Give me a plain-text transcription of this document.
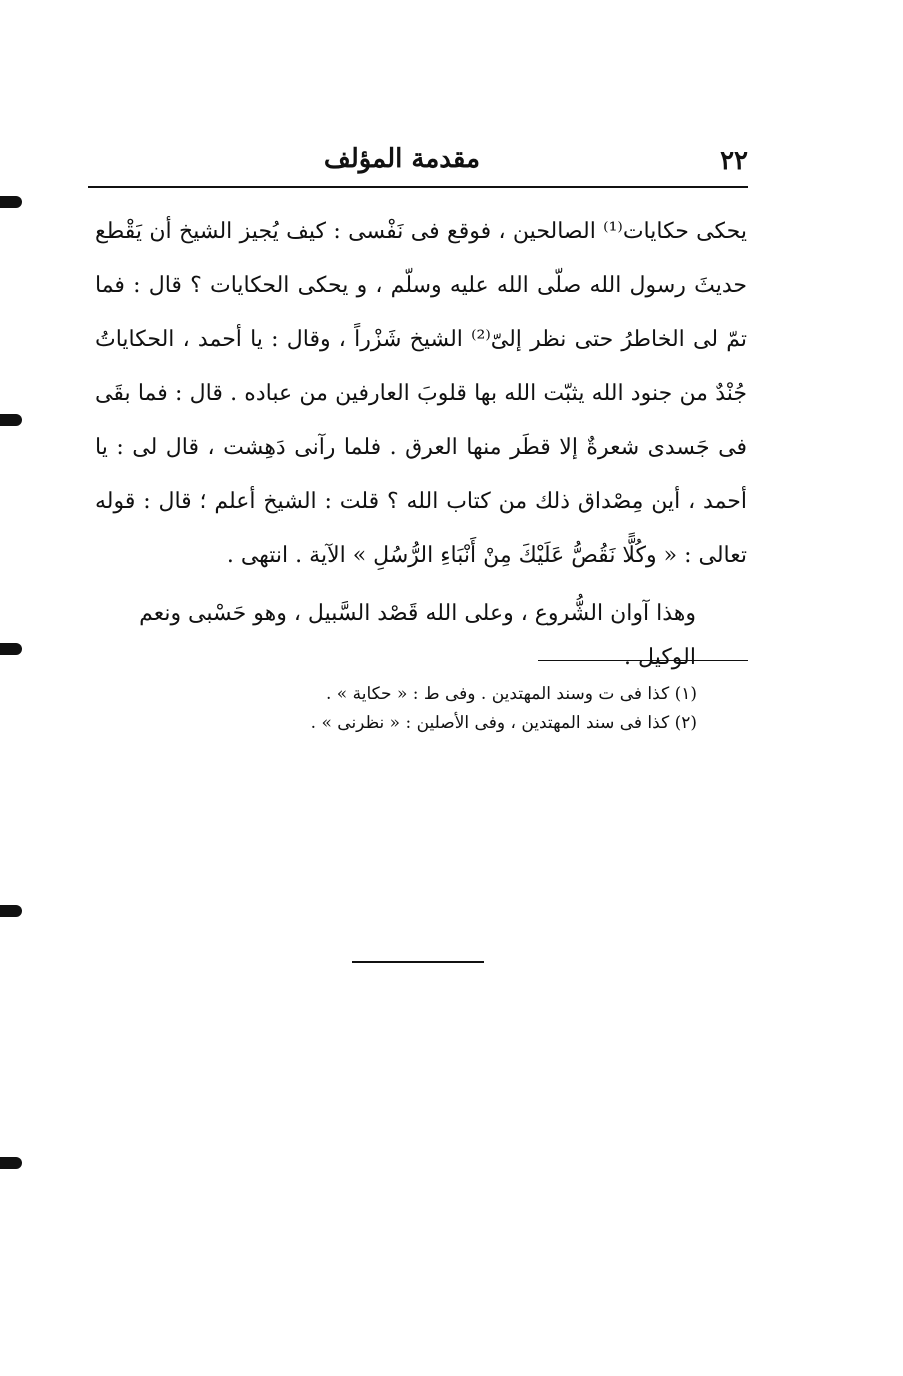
٢٢
مقدمة المؤلف

يحكى حكايات⁽¹⁾ الصالحين ، فوقع فى نَفْسى : كيف يُجيز الشيخ أن يَقْطع حديثَ رسول الله صلّى الله عليه وسلّم ، و يحكى الحكايات ؟ قال : فما تمّ لى الخاطرُ حتى نظر إلىّ⁽²⁾ الشيخ شَزْراً ، وقال : يا أحمد ، الحكاياتُ جُنْدٌ من جنود الله يثبّت الله بها قلوبَ العارفين من عباده . قال : فما بقَى فى جَسدى شعرةٌ إلا قطَر منها العرق . فلما رآنى دَهِشت ، قال لى : يا أحمد ، أين مِصْداق ذلك من كتاب الله ؟ قلت : الشيخ أعلم ؛ قال : قوله تعالى : « وكُلًّا نَقُصُّ عَلَيْكَ مِنْ أَنْبَاءِ الرُّسُلِ » الآية . انتهى .

وهذا آوان الشُّروع ، وعلى الله قَصْد السَّبيل ، وهو حَسْبى ونعم الوكيل .
(١) كذا فى ت وسند المهتدين . وفى ط : « حكاية » .
(٢) كذا فى سند المهتدين ، وفى الأصلين : « نظرنى » .
